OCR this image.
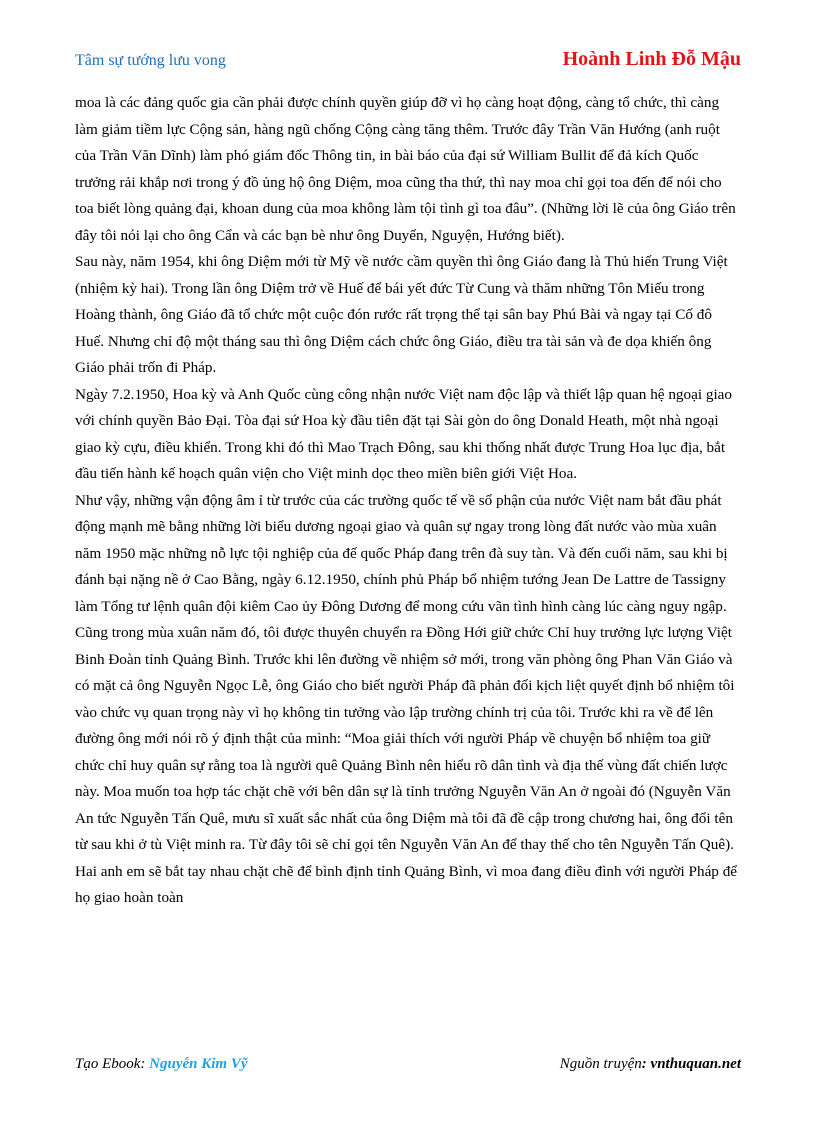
Tâm sự tướng lưu vong	Hoành Linh Đỗ Mậu

moa là các đảng quốc gia cần phải được chính quyền giúp đỡ vì họ càng hoạt động, càng tổ chức, thì càng làm giảm tiềm lực Cộng sản, hàng ngũ chống Cộng càng tăng thêm. Trước đây Trần Văn Hướng (anh ruột của Trần Văn Dĩnh) làm phó giám đốc Thông tin, in bài báo của đại sứ William Bullit để đả kích Quốc trưởng rải khắp nơi trong ý đồ ủng hộ ông Diệm, moa cũng tha thứ, thì nay moa chỉ gọi toa đến để nói cho toa biết lòng quảng đại, khoan dung của moa không làm tội tình gì toa đâu”. (Những lời lẽ của ông Giáo trên đây tôi nói lại cho ông Cẩn và các bạn bè như ông Duyến, Nguyện, Hướng biết).

Sau này, năm 1954, khi ông Diệm mới từ Mỹ về nước cầm quyền thì ông Giáo đang là Thủ hiến Trung Việt (nhiệm kỳ hai). Trong lần ông Diệm trở về Huế để bái yết đức Từ Cung và thăm những Tôn Miếu trong Hoàng thành, ông Giáo đã tổ chức một cuộc đón rước rất trọng thể tại sân bay Phú Bài và ngay tại Cố đô Huế. Nhưng chỉ độ một tháng sau thì ông Diệm cách chức ông Giáo, điều tra tài sản và đe dọa khiến ông Giáo phải trốn đi Pháp.

Ngày 7.2.1950, Hoa kỳ và Anh Quốc cùng công nhận nước Việt nam độc lập và thiết lập quan hệ ngoại giao với chính quyền Bảo Đại. Tòa đại sứ Hoa kỳ đầu tiên đặt tại Sài gòn do ông Donald Heath, một nhà ngoại giao kỳ cựu, điều khiển. Trong khi đó thì Mao Trạch Đông, sau khi thống nhất được Trung Hoa lục địa, bắt đầu tiến hành kế hoạch quân viện cho Việt minh dọc theo miền biên giới Việt Hoa.

Như vậy, những vận động âm ỉ từ trước của các trường quốc tế về số phận của nước Việt nam bắt đầu phát động mạnh mẽ bằng những lời biểu dương ngoại giao và quân sự ngay trong lòng đất nước vào mùa xuân năm 1950 mặc những nỗ lực tội nghiệp của đế quốc Pháp đang trên đà suy tàn. Và đến cuối năm, sau khi bị đánh bại nặng nề ở Cao Bằng, ngày 6.12.1950, chính phủ Pháp bổ nhiệm tướng Jean De Lattre de Tassigny làm Tổng tư lệnh quân đội kiêm Cao ủy Đông Dương để mong cứu vãn tình hình càng lúc càng nguy ngập.

Cũng trong mùa xuân năm đó, tôi được thuyên chuyển ra Đồng Hới giữ chức Chỉ huy trưởng lực lượng Việt Binh Đoàn tỉnh Quảng Bình. Trước khi lên đường về nhiệm sở mới, trong văn phòng ông Phan Văn Giáo và có mặt cả ông Nguyễn Ngọc Lễ, ông Giáo cho biết người Pháp đã phản đối kịch liệt quyết định bổ nhiệm tôi vào chức vụ quan trọng này vì họ không tin tưởng vào lập trường chính trị của tôi. Trước khi ra về để lên đường ông mới nói rõ ý định thật của mình: “Moa giải thích với người Pháp về chuyện bổ nhiệm toa giữ chức chỉ huy quân sự rằng toa là người quê Quảng Bình nên hiểu rõ dân tình và địa thế vùng đất chiến lược này. Moa muốn toa hợp tác chặt chẽ với bên dân sự là tỉnh trưởng Nguyễn Văn An ở ngoài đó (Nguyễn Văn An tức Nguyễn Tấn Quê, mưu sĩ xuất sắc nhất của ông Diệm mà tôi đã đề cập trong chương hai, ông đổi tên từ sau khi ở tù Việt minh ra. Từ đây tôi sẽ chỉ gọi tên Nguyễn Văn An để thay thế cho tên Nguyễn Tấn Quê). Hai anh em sẽ bắt tay nhau chặt chẽ để bình định tỉnh Quảng Bình, vì moa đang điều đình với người Pháp để họ giao hoàn toàn

Tạo Ebook: Nguyễn Kim Vỹ	Nguồn truyện: vnthuquan.net
